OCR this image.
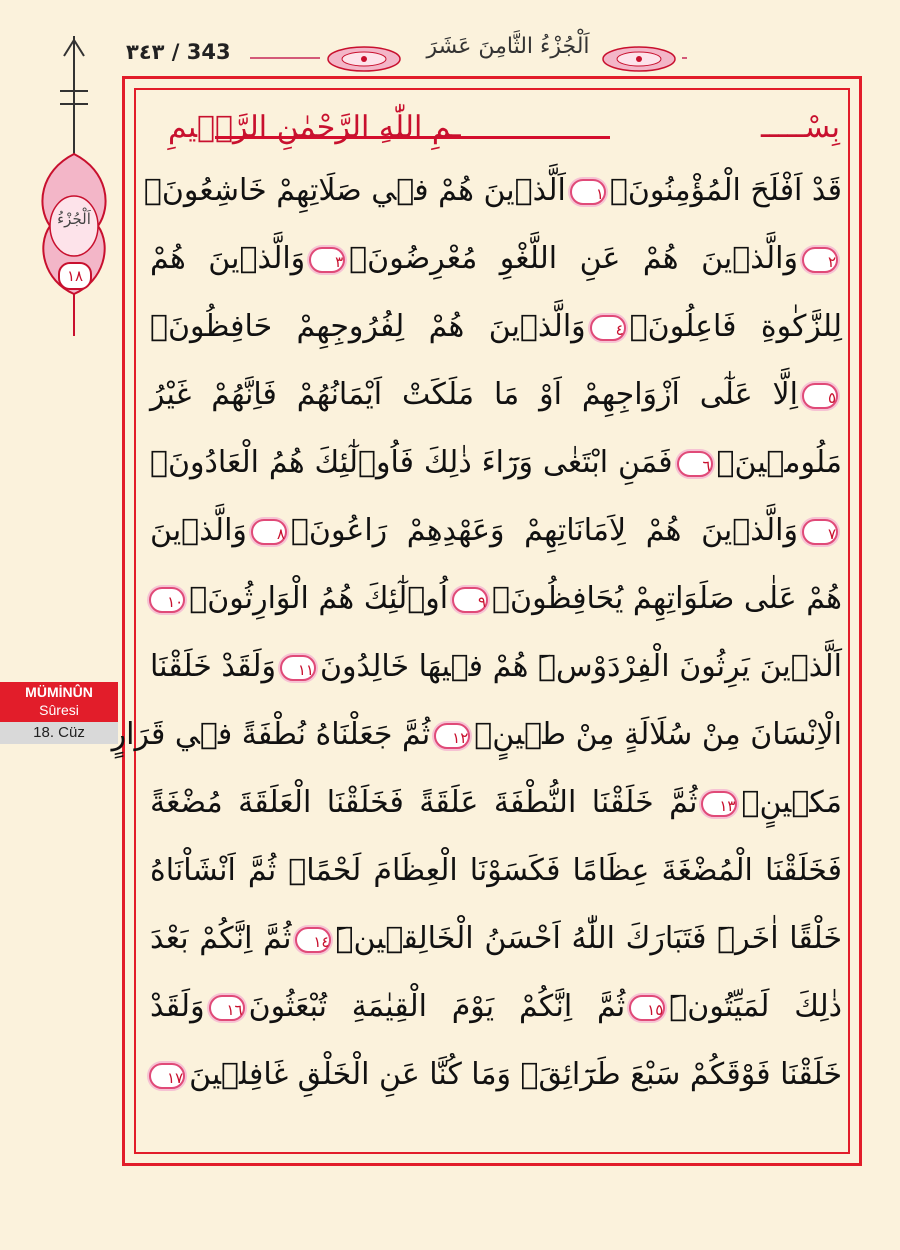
٣٤٣ / 343	اَلْجُزْءُ الثَّامِنَ عَشَرَ
اَلْجُزْءُ
١٨
MÜMİNÛN
Sûresi
18. Cüz
بِسْـــــ
ـمِ اللّٰهِ الرَّحْمٰنِ الرَّح۪يمِ
قَدْ اَفْلَحَ الْمُؤْمِنُونَۙ١اَلَّذ۪ينَ هُمْ ف۪ي صَلَاتِهِمْ خَاشِعُونَۙ
٢وَالَّذ۪ينَ هُمْ عَنِ اللَّغْوِ مُعْرِضُونَۙ٣وَالَّذ۪ينَ هُمْ
لِلزَّكٰوةِ فَاعِلُونَۙ٤وَالَّذ۪ينَ هُمْ لِفُرُوجِهِمْ حَافِظُونَۙ
٥اِلَّا عَلٰٓى اَزْوَاجِهِمْ اَوْ مَا مَلَكَتْ اَيْمَانُهُمْ فَاِنَّهُمْ غَيْرُ
مَلُوم۪ينَۚ٦فَمَنِ ابْتَغٰى وَرَٓاءَ ذٰلِكَ فَاُو۬لٰٓئِكَ هُمُ الْعَادُونَۚ
٧وَالَّذ۪ينَ هُمْ لِاَمَانَاتِهِمْ وَعَهْدِهِمْ رَاعُونَۙ٨وَالَّذ۪ينَ
هُمْ عَلٰى صَلَوَاتِهِمْ يُحَافِظُونَۘ٩اُو۬لٰٓئِكَ هُمُ الْوَارِثُونَۙ١٠
اَلَّذ۪ينَ يَرِثُونَ الْفِرْدَوْسَۜ هُمْ ف۪يهَا خَالِدُونَ١١وَلَقَدْ خَلَقْنَا
الْاِنْسَانَ مِنْ سُلَالَةٍ مِنْ ط۪ينٍۚ١٢ثُمَّ جَعَلْنَاهُ نُطْفَةً ف۪ي قَرَارٍ
مَك۪ينٍۖ١٣ثُمَّ خَلَقْنَا النُّطْفَةَ عَلَقَةً فَخَلَقْنَا الْعَلَقَةَ مُضْغَةً
فَخَلَقْنَا الْمُضْغَةَ عِظَامًا فَكَسَوْنَا الْعِظَامَ لَحْمًاۗ ثُمَّ اَنْشَاْنَاهُ
خَلْقًا اٰخَرَۜ فَتَبَارَكَ اللّٰهُ اَحْسَنُ الْخَالِق۪ينَۜ١٤ثُمَّ اِنَّكُمْ بَعْدَ
ذٰلِكَ لَمَيِّتُونَۜ١٥ثُمَّ اِنَّكُمْ يَوْمَ الْقِيٰمَةِ تُبْعَثُونَ١٦وَلَقَدْ
خَلَقْنَا فَوْقَكُمْ سَبْعَ طَرَٓائِقَۗ وَمَا كُنَّا عَنِ الْخَلْقِ غَافِل۪ينَ١٧
